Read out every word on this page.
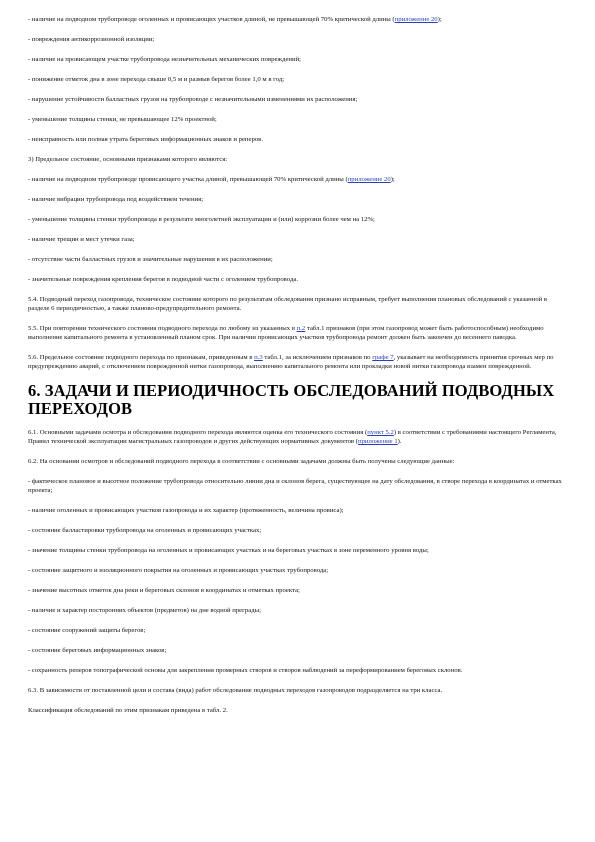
- наличие на подводном трубопроводе оголенных и провисающих участков длиной, не превышающей 70% критической длины (приложение 20);

- повреждения антикоррозионной изоляции;

- наличие на провисающем участке трубопровода незначительных механических повреждений;

- понижение отметок дна в зоне перехода свыше 0,5 м и размыв берегов более 1,0 м в год;

- нарушение устойчивости балластных грузов на трубопроводе с незначительными изменениями их расположения;

- уменьшение толщины стенки, не превышающее 12% проектной;

- неисправность или полная утрата береговых информационных знаков и реперов.

3) Предельное состояние, основными признаками которого являются:

- наличие на подводном трубопроводе провисающего участка длиной, превышающей 70% критической длины (приложение 20);

- наличие вибрации трубопровода под воздействием течения;

- уменьшение толщины стенки трубопровода в результате многолетней эксплуатации и (или) коррозии более чем на 12%;

- наличие трещин и мест утечки газа;

- отсутствие части балластных грузов и значительные нарушения в их расположении;

- значительные повреждения крепления берегов в подводной части с оголением трубопровода.

5.4. Подводный переход газопровода, техническое состояние которого по результатам обследования признано исправным, требует выполнения плановых обследований с указанной в разделе 6 периодичностью, а также планово-предупредительного ремонта.

5.5. При повторении технического состояния подводного перехода по любому из указанных в п.2 табл.1 признаков (при этом газопровод может быть работоспособным) необходимо выполнение капитального ремонта в установленный планом срок. При наличии провисающих участков трубопровода ремонт должен быть закончен до весеннего паводка.

5.6. Предельное состояние подводного перехода по признакам, приведенным в п.3 табл.1, за исключением признаков по графе 7, указывает на необходимость принятия срочных мер по предупреждению аварий, с отключением поврежденной нитки газопровода, выполнению капитального ремонта или прокладки новой нитки газопровода взамен поврежденной.

6. ЗАДАЧИ И ПЕРИОДИЧНОСТЬ ОБСЛЕДОВАНИЙ ПОДВОДНЫХ ПЕРЕХОДОВ

6.1. Основными задачами осмотра и обследования подводного перехода являются оценка его технического состояния (пункт 5.2) в соответствии с требованиями настоящего Регламента, Правил технической эксплуатации магистральных газопроводов и других действующих нормативных документов (приложение 1).

6.2. На основании осмотров и обследований подводного перехода в соответствии с основными задачами должны быть получены следующие данные:

- фактическое плановое и высотное положение трубопровода относительно линии дна и склонов берега, существующее на дату обследования, в створе перехода в координатах и отметках проекта;

- наличие оголенных и провисающих участков газопровода и их характер (протяженность, величина провиса);

- состояние балластировки трубопровода на оголенных и провисающих участках;

- значение толщины стенки трубопровода на оголенных и провисающих участках и на береговых участках в зоне переменного уровня воды;

- состояние защитного и изоляционного покрытия на оголенных и провисающих участках трубопровода;

- значение высотных отметок дна реки и береговых склонов в координатах и отметках проекта;

- наличие и характер посторонних объектов (предметов) на дне водной преграды;

- состояние сооружений защиты берегов;

- состояние береговых информационных знаков;

- сохранность реперов топографической основы для закрепления промерных створов и створов наблюдений за переформированием береговых склонов.

6.3. В зависимости от поставленной цели и состава (вида) работ обследование подводных переходов газопроводов подразделяется на три класса.

Классификация обследований по этим признакам приведена в табл. 2.
